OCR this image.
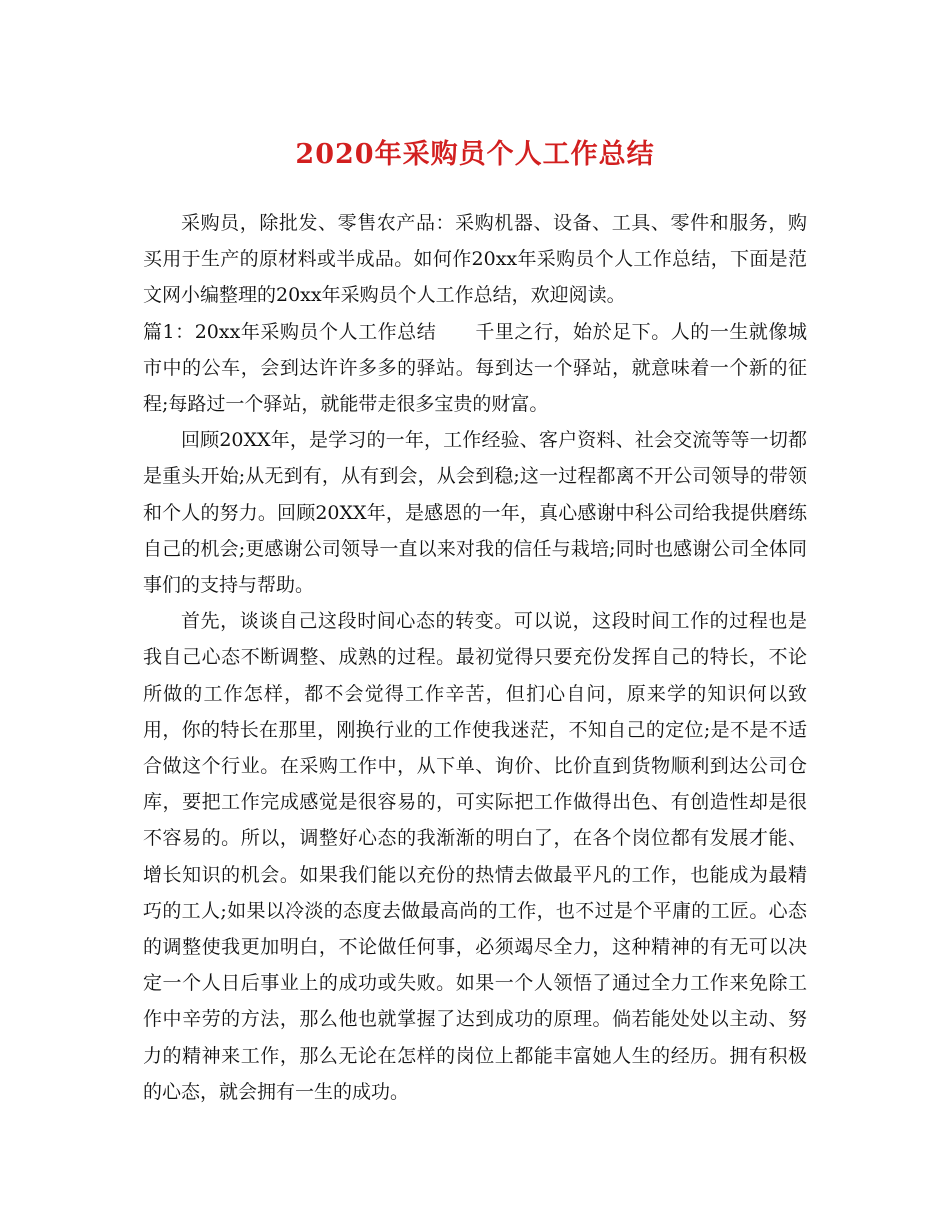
2020年采购员个人工作总结

采购员，除批发、零售农产品：采购机器、设备、工具、零件和服务，购买用于生产的原材料或半成品。如何作20xx年采购员个人工作总结，下面是范文网小编整理的20xx年采购员个人工作总结，欢迎阅读。

篇1：20xx年采购员个人工作总结　　千里之行，始於足下。人的一生就像城市中的公车，会到达许许多多的驿站。每到达一个驿站，就意味着一个新的征程;每路过一个驿站，就能带走很多宝贵的财富。

回顾20XX年，是学习的一年，工作经验、客户资料、社会交流等等一切都是重头开始;从无到有，从有到会，从会到稳;这一过程都离不开公司领导的带领和个人的努力。回顾20XX年，是感恩的一年，真心感谢中科公司给我提供磨练自己的机会;更感谢公司领导一直以来对我的信任与栽培;同时也感谢公司全体同事们的支持与帮助。

首先，谈谈自己这段时间心态的转变。可以说，这段时间工作的过程也是我自己心态不断调整、成熟的过程。最初觉得只要充份发挥自己的特长，不论所做的工作怎样，都不会觉得工作辛苦，但扪心自问，原来学的知识何以致用，你的特长在那里，刚换行业的工作使我迷茫，不知自己的定位;是不是不适合做这个行业。在采购工作中，从下单、询价、比价直到货物顺利到达公司仓库，要把工作完成感觉是很容易的，可实际把工作做得出色、有创造性却是很不容易的。所以，调整好心态的我渐渐的明白了，在各个岗位都有发展才能、增长知识的机会。如果我们能以充份的热情去做最平凡的工作，也能成为最精巧的工人;如果以冷淡的态度去做最高尚的工作，也不过是个平庸的工匠。心态的调整使我更加明白，不论做任何事，必须竭尽全力，这种精神的有无可以决定一个人日后事业上的成功或失败。如果一个人领悟了通过全力工作来免除工作中辛劳的方法，那么他也就掌握了达到成功的原理。倘若能处处以主动、努力的精神来工作，那么无论在怎样的岗位上都能丰富她人生的经历。拥有积极的心态，就会拥有一生的成功。
